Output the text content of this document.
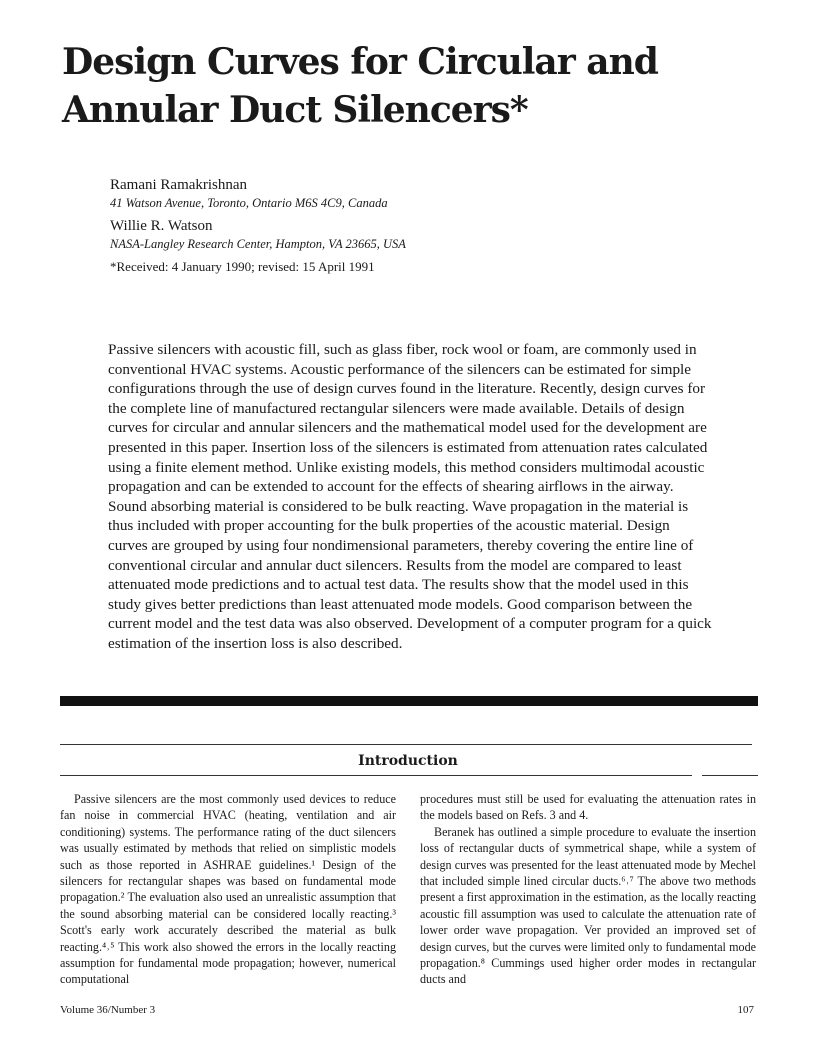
Design Curves for Circular and
Annular Duct Silencers*
Ramani Ramakrishnan
41 Watson Avenue, Toronto, Ontario M6S 4C9, Canada
Willie R. Watson
NASA-Langley Research Center, Hampton, VA 23665, USA
*Received: 4 January 1990; revised: 15 April 1991

Passive silencers with acoustic fill, such as glass fiber, rock wool or foam, are commonly used in conventional HVAC systems. Acoustic performance of the silencers can be estimated for simple configurations through the use of design curves found in the literature. Recently, design curves for the complete line of manufactured rectangular silencers were made available. Details of design curves for circular and annular silencers and the mathematical model used for the development are presented in this paper. Insertion loss of the silencers is estimated from attenuation rates calculated using a finite element method. Unlike existing models, this method considers multimodal acoustic propagation and can be extended to account for the effects of shearing airflows in the airway. Sound absorbing material is considered to be bulk reacting. Wave propagation in the material is thus included with proper accounting for the bulk properties of the acoustic material. Design curves are grouped by using four nondimensional parameters, thereby covering the entire line of conventional circular and annular duct silencers. Results from the model are compared to least attenuated mode predictions and to actual test data. The results show that the model used in this study gives better predictions than least attenuated mode models. Good comparison between the current model and the test data was also observed. Development of a computer program for a quick estimation of the insertion loss is also described.

Introduction

Passive silencers are the most commonly used devices to reduce fan noise in commercial HVAC (heating, ventilation and air conditioning) systems. The performance rating of the duct silencers was usually estimated by methods that relied on simplistic models such as those reported in ASHRAE guidelines.¹ Design of the silencers for rectangular shapes was based on fundamental mode propagation.² The evaluation also used an unrealistic assumption that the sound absorbing material can be considered locally reacting.³ Scott's early work accurately described the material as bulk reacting.⁴˒⁵ This work also showed the errors in the locally reacting assumption for fundamental mode propagation; however, numerical computational

procedures must still be used for evaluating the attenuation rates in the models based on Refs. 3 and 4.

Beranek has outlined a simple procedure to evaluate the insertion loss of rectangular ducts of symmetrical shape, while a system of design curves was presented for the least attenuated mode by Mechel that included simple lined circular ducts.⁶˒⁷ The above two methods present a first approximation in the estimation, as the locally reacting acoustic fill assumption was used to calculate the attenuation rate of lower order wave propagation. Ver provided an improved set of design curves, but the curves were limited only to fundamental mode propagation.⁸ Cummings used higher order modes in rectangular ducts and

Volume 36/Number 3	107
